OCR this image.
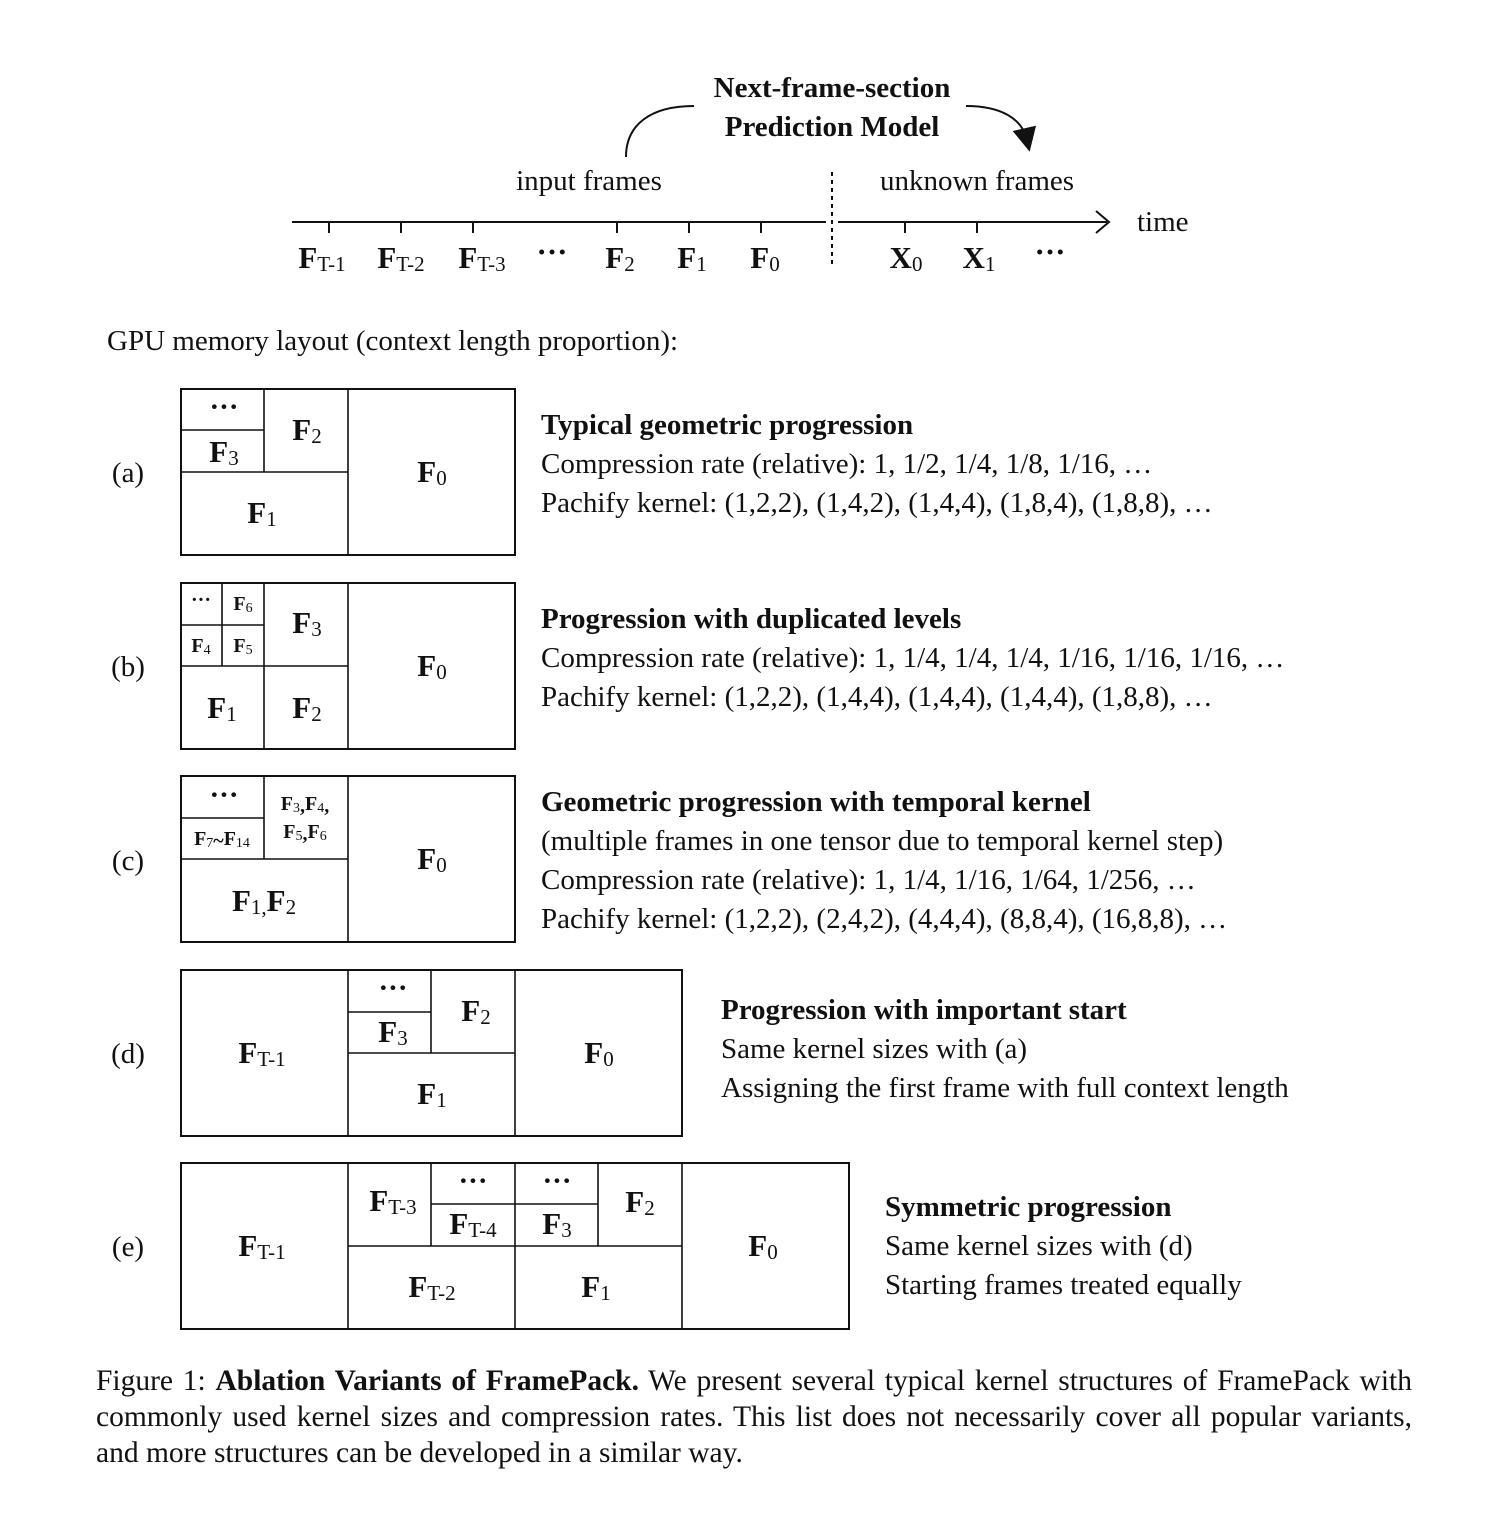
Next-frame-section
Prediction Model
input frames	unknown frames
time
FT-1 FT-2 FT-3 ··· F2 F1 F0	X0 X1 ···
GPU memory layout (context length proportion):
(a)	F0
F1
F2
F3
···
Typical geometric progression
Compression rate (relative): 1, 1/2, 1/4, 1/8, 1/16, …
Pachify kernel: (1,2,2), (1,4,2), (1,4,4), (1,8,4), (1,8,8), …
(b)	F0
F1 F2
F3
F4 F5
F6
···
Progression with duplicated levels
Compression rate (relative): 1, 1/4, 1/4, 1/4, 1/16, 1/16, 1/16, …
Pachify kernel: (1,2,2), (1,4,4), (1,4,4), (1,4,4), (1,8,8), …
(c)	F0
F1,F2
F3,F4,
F5,F6
F7~F14
···	Geometric progression with temporal kernel
(multiple frames in one tensor due to temporal kernel step)
Compression rate (relative): 1, 1/4, 1/16, 1/64, 1/256, …
Pachify kernel: (1,2,2), (2,4,2), (4,4,4), (8,8,4), (16,8,8), …
(d)	FT-1	F0
F1
F2
F3
···
Progression with important start
Same kernel sizes with (a)
Assigning the first frame with full context length
(e)	FT-1
FT-3 FT-4
··· ···
F3
F2
FT-2	F1
F0
Symmetric progression
Same kernel sizes with (d)
Starting frames treated equally
Figure 1: Ablation Variants of FramePack. We present several typical kernel structures of FramePack with commonly used kernel sizes and compression rates. This list does not necessarily cover all popular variants, and more structures can be developed in a similar way.
